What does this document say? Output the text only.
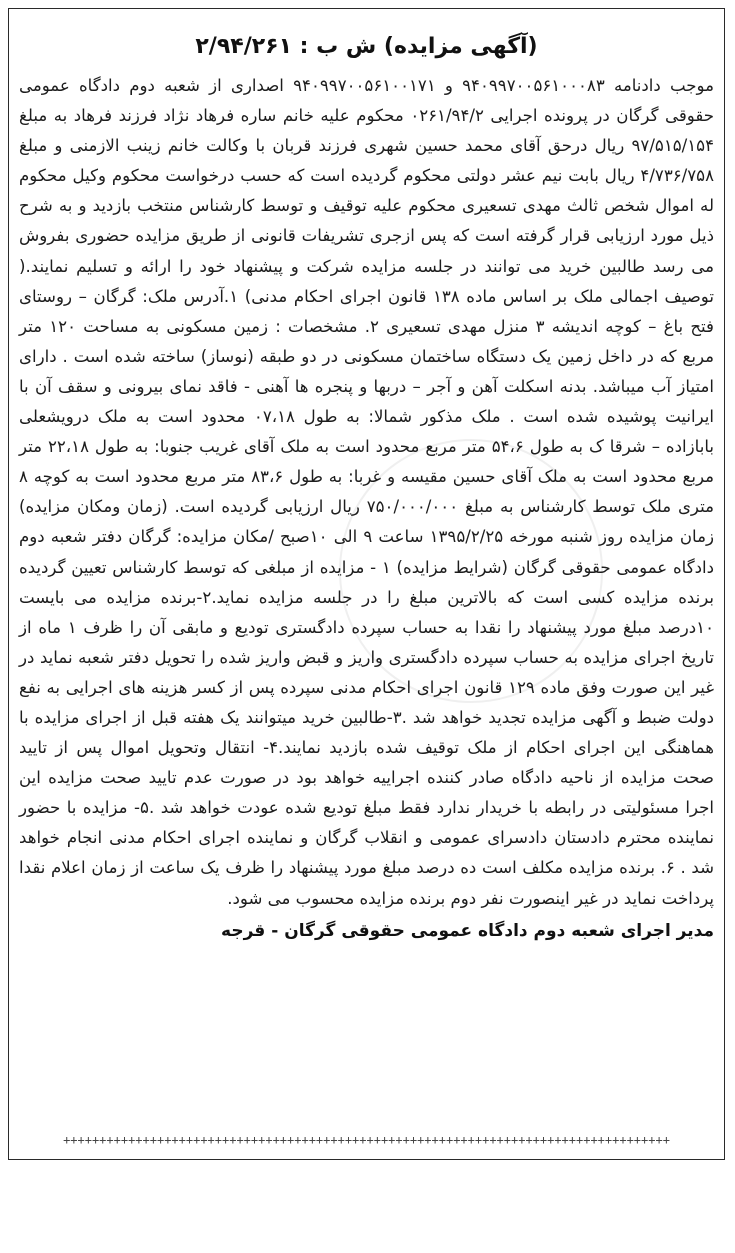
(آگهی مزایده) ش ب : ۲/۹۴/۲۶۱

موجب دادنامه ۹۴۰۹۹۷۰۰۵۶۱۰۰۰۸۳ و ۹۴۰۹۹۷۰۰۵۶۱۰۰۱۷۱ اصداری از شعبه دوم دادگاه عمومی حقوقی گرگان در پرونده اجرایی ۰۲۶۱/۹۴/۲ محکوم علیه خانم ساره فرهاد نژاد فرزند فرهاد به مبلغ ۹۷/۵۱۵/۱۵۴ ریال درحق آقای محمد حسین شهری فرزند قربان با وکالت خانم زینب الازمنی و مبلغ ۴/۷۳۶/۷۵۸ ریال بابت نیم عشر دولتی محکوم گردیده است که حسب درخواست محکوم وکیل محکوم له اموال شخص ثالث مهدی تسعیری محکوم علیه توقیف و توسط کارشناس منتخب بازدید و به شرح ذیل مورد ارزیابی قرار گرفته است که پس ازجری تشریفات قانونی از طریق مزایده حضوری بفروش می رسد طالبین خرید می توانند در جلسه مزایده شرکت و پیشنهاد خود را ارائه و تسلیم نمایند.( توصیف اجمالی ملک بر اساس ماده ۱۳۸ قانون اجرای احکام مدنی) ۱.آدرس ملک: گرگان – روستای فتح باغ – کوچه اندیشه ۳ منزل مهدی تسعیری ۲. مشخصات : زمین مسکونی به مساحت ۱۲۰ متر مربع که در داخل زمین یک دستگاه ساختمان مسکونی در دو طبقه (نوساز) ساخته شده است . دارای امتیاز آب میباشد. بدنه اسکلت آهن و آجر – دربها و پنجره ها آهنی - فاقد نمای بیرونی و سقف آن با ایرانیت پوشیده شده است . ملک مذکور شمالا: به طول ۰۷،۱۸ محدود است به ملک درویشعلی بابازاده – شرقا ک به طول ۵۴،۶ متر مربع محدود است به ملک آقای غریب جنوبا: به طول ۲۲،۱۸ متر مربع محدود است به ملک آقای حسین مقیسه و غربا: به طول ۸۳،۶ متر مربع محدود است به کوچه ۸ متری ملک توسط کارشناس به مبلغ ۷۵۰/۰۰۰/۰۰۰ ریال ارزیابی گردیده است. (زمان ومکان مزایده) زمان مزایده روز شنبه مورخه ۱۳۹۵/۲/۲۵ ساعت ۹ الی ۱۰صبح /مکان مزایده: گرگان دفتر شعبه دوم دادگاه عمومی حقوقی گرگان (شرایط مزایده) ۱ - مزایده از مبلغی که توسط کارشناس تعیین گردیده برنده مزایده کسی است که بالاترین مبلغ را در جلسه مزایده نماید.۲-برنده مزایده می بایست ۱۰درصد مبلغ مورد پیشنهاد را نقدا به حساب سپرده دادگستری تودیع و مابقی آن را ظرف ۱ ماه از تاریخ اجرای مزایده به حساب سپرده دادگستری واریز و قبض واریز شده را تحویل دفتر شعبه نماید در غیر این صورت وفق ماده ۱۲۹ قانون اجرای احکام مدنی سپرده پس از کسر هزینه های اجرایی به نفع دولت ضبط و آگهی مزایده تجدید خواهد شد .۳-طالبین خرید میتوانند یک هفته قبل از اجرای مزایده با هماهنگی این اجرای احکام از ملک توقیف شده بازدید نمایند.۴- انتقال وتحویل اموال پس از تایید صحت مزایده از ناحیه دادگاه صادر کننده اجراییه خواهد بود در صورت عدم تایید صحت مزایده این اجرا مسئولیتی در رابطه با خریدار ندارد فقط مبلغ تودیع شده عودت خواهد شد .۵- مزایده با حضور نماینده محترم دادستان دادسرای عمومی و انقلاب گرگان و نماینده اجرای احکام مدنی انجام خواهد شد . ۶. برنده مزایده مکلف است ده درصد مبلغ مورد پیشنهاد را ظرف یک ساعت از زمان اعلام نقدا پرداخت نماید در غیر اینصورت نفر دوم برنده مزایده محسوب می شود.

مدیر اجرای شعبه دوم دادگاه عمومی حقوقی گرگان - قرجه

++++++++++++++++++++++++++++++++++++++++++++++++++++++++++++++++++++++++++++++++++++
